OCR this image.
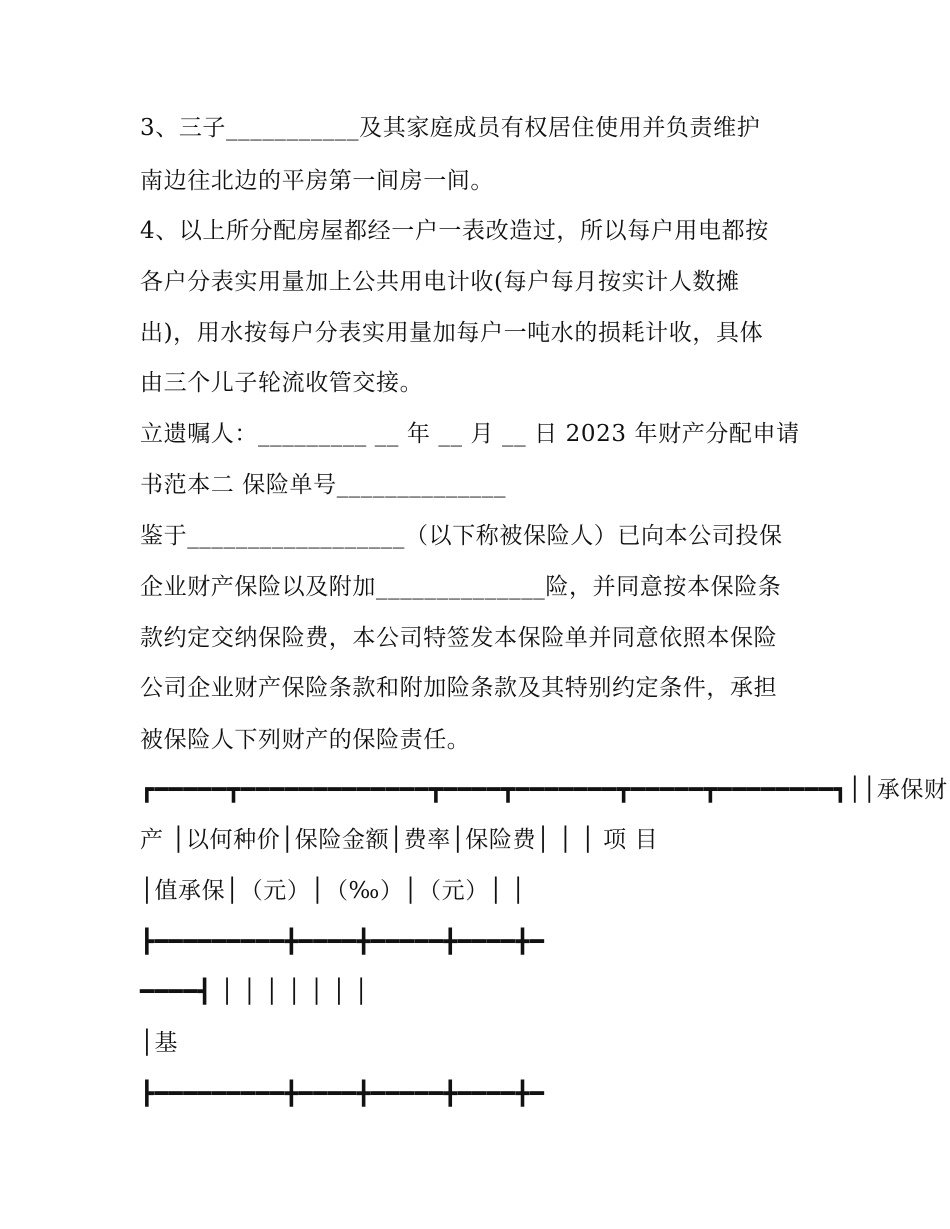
3、三子___________及其家庭成员有权居住使用并负责维护
南边往北边的平房第一间房一间。
4、以上所分配房屋都经一户一表改造过，所以每户用电都按
各户分表实用量加上公共用电计收(每户每月按实计人数摊
出)，用水按每户分表实用量加每户一吨水的损耗计收，具体
由三个儿子轮流收管交接。
立遗嘱人：_________ __ 年 __ 月 __ 日 2023 年财产分配申请
书范本二 保险单号______________
鉴于__________________（以下称被保险人）已向本公司投保
企业财产保险以及附加______________险，并同意按本保险条
款约定交纳保险费，本公司特签发本保险单并同意依照本保险
公司企业财产保险条款和附加险条款及其特别约定条件，承担
被保险人下列财产的保险责任。
┏━━━━━┳━━━━━━━━━━━━━┳━━━━┳━━━━━━━┳━━━━━┳━━━━━━━━┓││承保财
产 │以何种价│保险金额│费率│保险费│ │ │ 项 目
│值承保│（元）│（‰）│（元）│ │
┣━━━━━━━━━╋━━━━╋━━━━━╋━━━━╋━
━━━━┫ │ │ │ │ │ │ │
│基
┣━━━━━━━━━╋━━━━╋━━━━━╋━━━━╋━
